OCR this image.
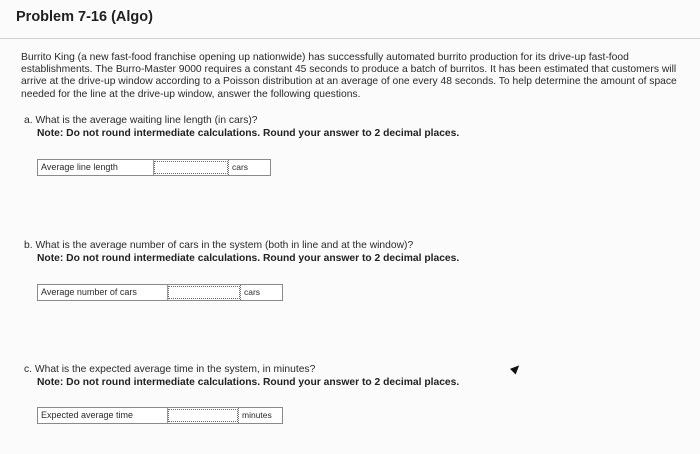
Problem 7-16 (Algo)
Burrito King (a new fast-food franchise opening up nationwide) has successfully automated burrito production for its drive-up fast-food establishments. The Burro-Master 9000 requires a constant 45 seconds to produce a batch of burritos. It has been estimated that customers will arrive at the drive-up window according to a Poisson distribution at an average of one every 48 seconds. To help determine the amount of space needed for the line at the drive-up window, answer the following questions.
a. What is the average waiting line length (in cars)?
Note: Do not round intermediate calculations. Round your answer to 2 decimal places.
Average line length	cars
b. What is the average number of cars in the system (both in line and at the window)?
Note: Do not round intermediate calculations. Round your answer to 2 decimal places.
Average number of cars	cars
c. What is the expected average time in the system, in minutes?
Note: Do not round intermediate calculations. Round your answer to 2 decimal places.
Expected average time	minutes
